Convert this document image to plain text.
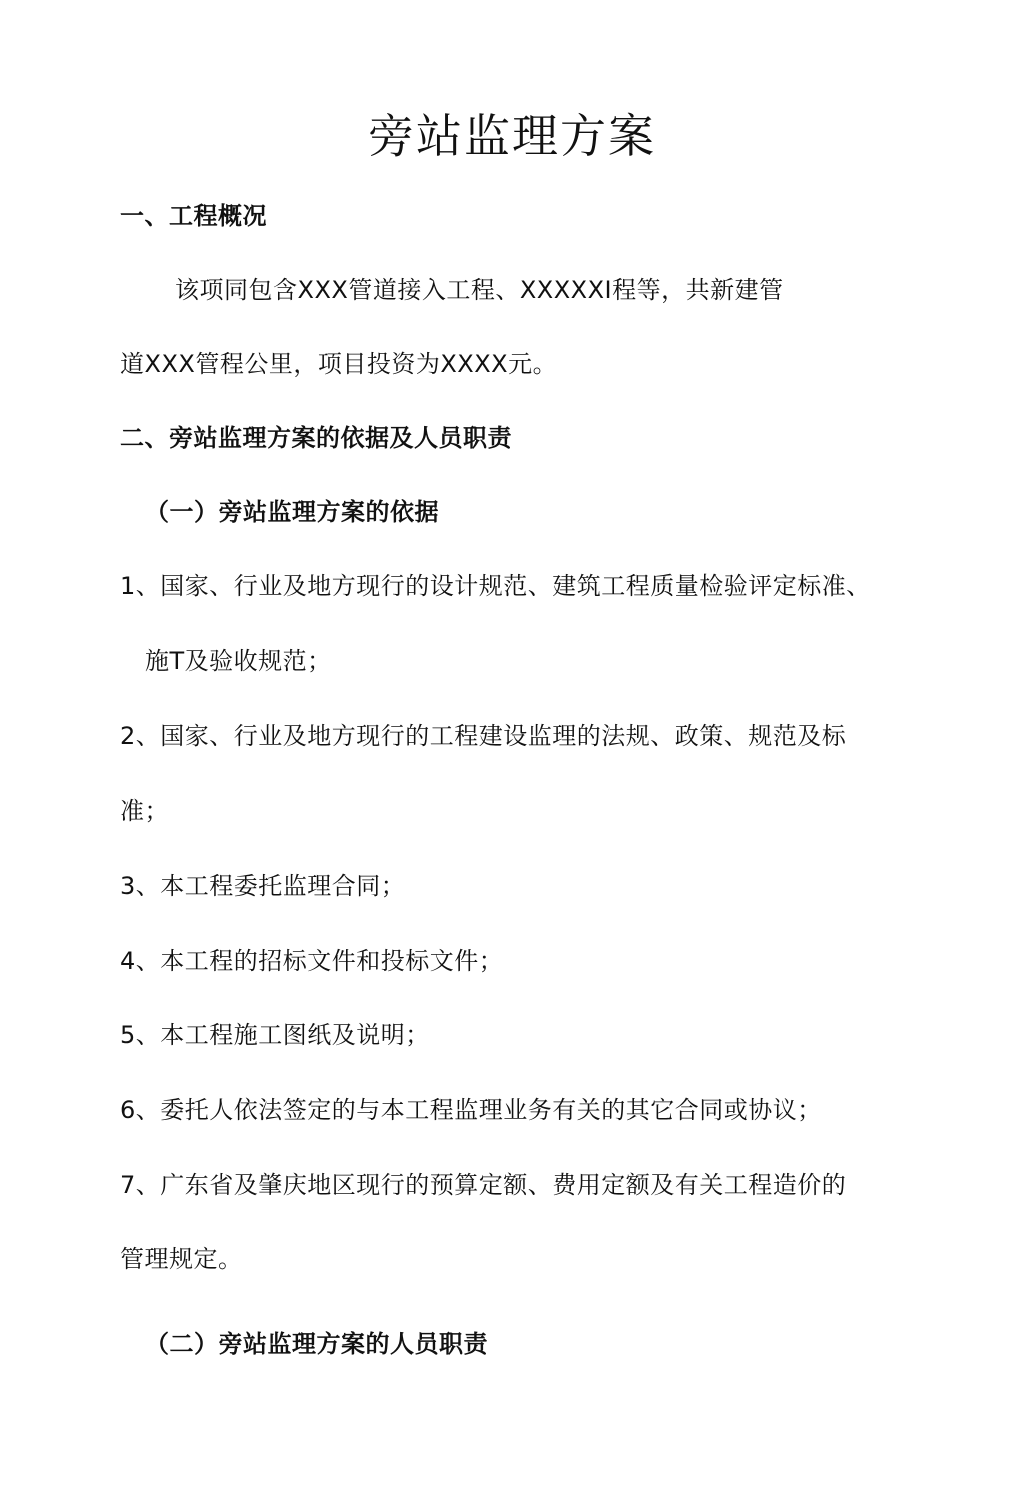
旁站监理方案
一、工程概况
该项同包含XXX管道接入工程、XXXXXI程等，共新建管
道XXX管程公里，项目投资为XXXX元。
二、旁站监理方案的依据及人员职责
（一）旁站监理方案的依据
1、国家、行业及地方现行的设计规范、建筑工程质量检验评定标准、
施T及验收规范；
2、国家、行业及地方现行的工程建设监理的法规、政策、规范及标
准；
3、本工程委托监理合同；
4、本工程的招标文件和投标文件；
5、本工程施工图纸及说明；
6、委托人依法签定的与本工程监理业务有关的其它合同或协议；
7、广东省及肇庆地区现行的预算定额、费用定额及有关工程造价的
管理规定。
（二）旁站监理方案的人员职责
